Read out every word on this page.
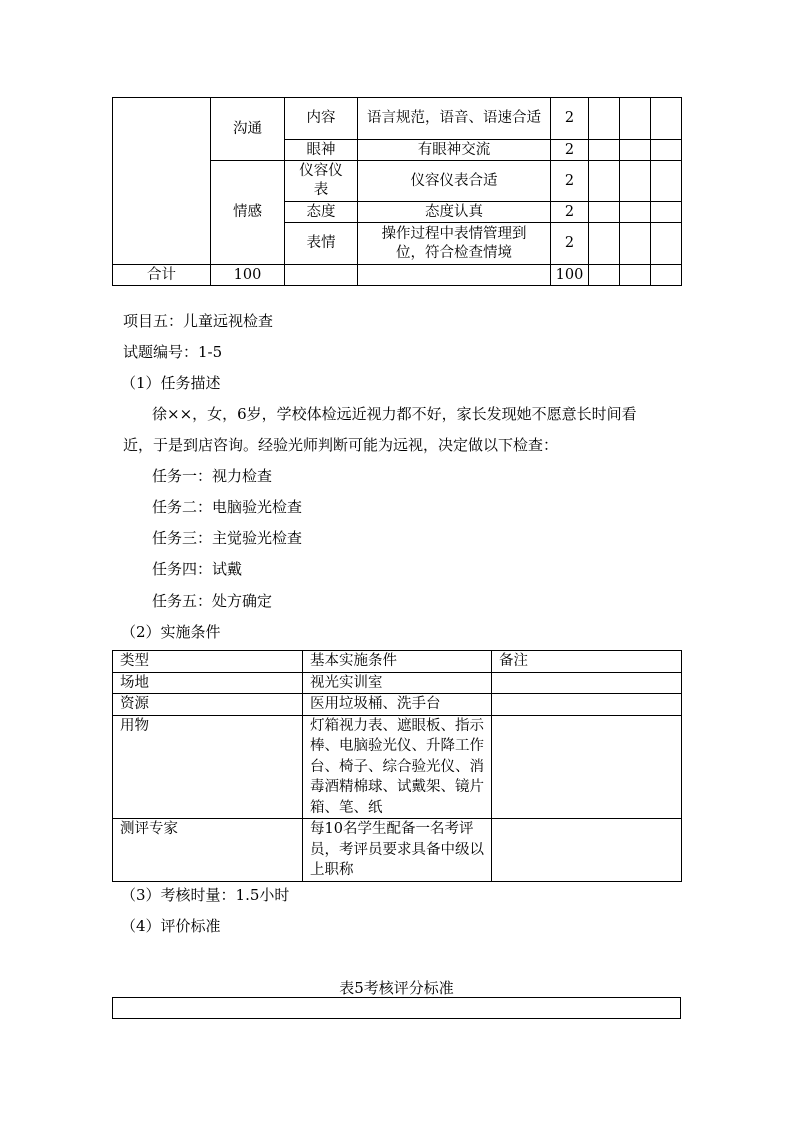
	沟通	内容	语言规范，语音、语速合适	2			
		眼神	有眼神交流	2			
	情感	仪容仪表	仪容仪表合适	2			
		态度	态度认真	2			
		表情	操作过程中表情管理到位，符合检查情境	2			
合计	100			100			
项目五：儿童远视检查
试题编号：1-5
（1）任务描述
徐××，女，6岁，学校体检远近视力都不好，家长发现她不愿意长时间看
近，于是到店咨询。经验光师判断可能为远视，决定做以下检查：
任务一：视力检查
任务二：电脑验光检查
任务三：主觉验光检查
任务四：试戴
任务五：处方确定
（2）实施条件
类型	基本实施条件	备注
场地	视光实训室	
资源	医用垃圾桶、洗手台	
用物	灯箱视力表、遮眼板、指示棒、电脑验光仪、升降工作台、椅子、综合验光仪、消毒酒精棉球、试戴架、镜片箱、笔、纸	
测评专家	每10名学生配备一名考评员，考评员要求具备中级以上职称	
（3）考核时量：1.5小时
（4）评价标准
表5考核评分标准
